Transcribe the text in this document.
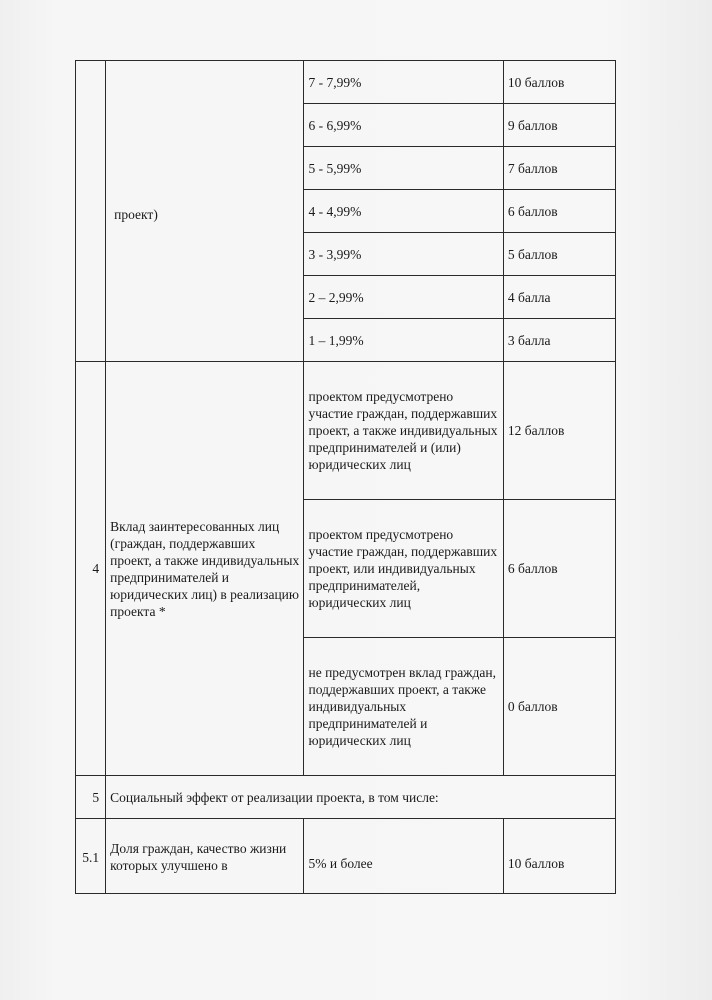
	проект)	7 - 7,99%	10 баллов
		6 - 6,99%	9 баллов
		5 - 5,99%	7 баллов
		4 - 4,99%	6 баллов
		3 - 3,99%	5 баллов
		2 – 2,99%	4 балла
		1 – 1,99%	3 балла
4	Вклад заинтересованных лиц (граждан, поддержавших проект, а также индивидуальных предпринимателей и юридических лиц) в реализацию проекта *	проектом предусмотрено участие граждан, поддержавших проект, а также индивидуальных предпринимателей и (или) юридических лиц	12 баллов
		проектом предусмотрено участие граждан, поддержавших проект, или индивидуальных предпринимателей, юридических лиц	6 баллов
		не предусмотрен вклад граждан, поддержавших проект, а также индивидуальных предпринимателей и юридических лиц	0 баллов
5	Социальный эффект от реализации проекта, в том числе:		
5.1	Доля граждан, качество жизни которых улучшено в	5% и более	10 баллов
